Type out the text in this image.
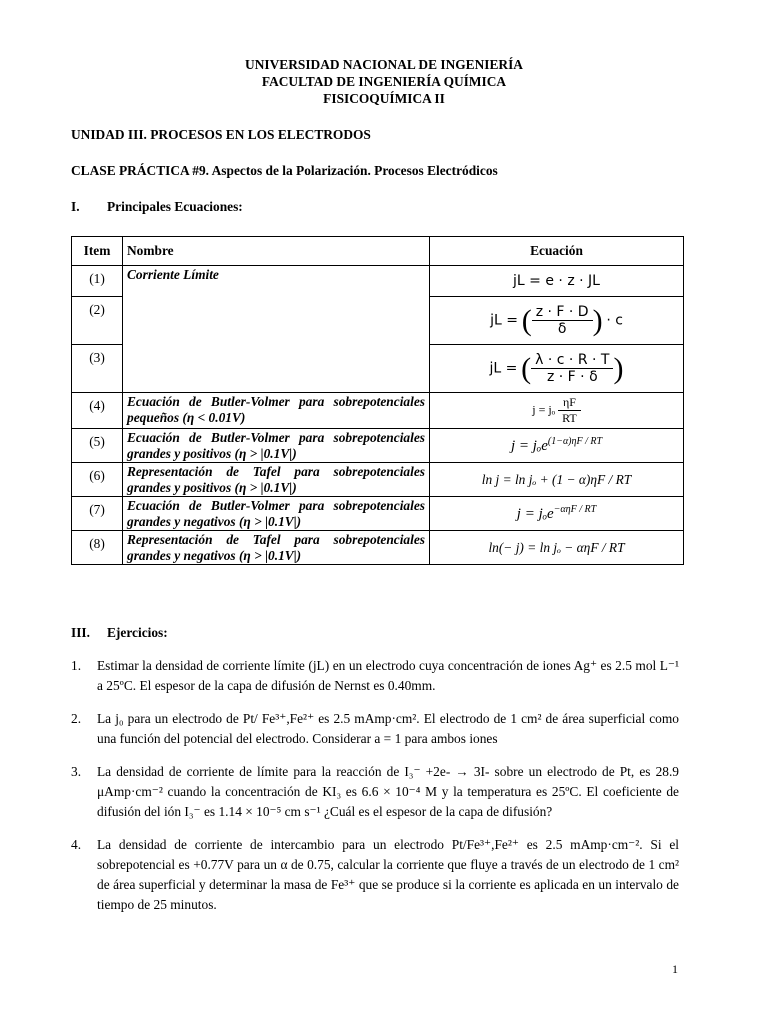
UNIVERSIDAD NACIONAL DE INGENIERÍA
FACULTAD DE INGENIERÍA QUÍMICA
FISICOQUÍMICA II
UNIDAD III. PROCESOS EN LOS ELECTRODOS
CLASE PRÁCTICA #9. Aspectos de la Polarización. Procesos Electródicos
I. Principales Ecuaciones:
Item	Nombre	Ecuación
(1)	Corriente Límite	jL = e · z · JL
(2)		jL = ( $\frac{z \cdot F \cdot D}{\delta}$ ) · c
(3)		jL = ( $\frac{\lambda \cdot c \cdot R \cdot T}{z \cdot F \cdot \delta}$ )
(4)	Ecuación de Butler-Volmer para sobrepotenciales pequeños (η < 0.01V)	j = jₒ $\frac{\eta F}{RT}$

(5)	Ecuación de Butler-Volmer para sobrepotenciales grandes y positivos (η > |0.1V|)	j = jₒe$^{(1-\alpha)\eta F / RT}$
(6)	Representación de Tafel para sobrepotenciales grandes y positivos (η > |0.1V|)	ln j = ln jₒ + (1 − α)ηF / RT
(7)	Ecuación de Butler-Volmer para sobrepotenciales grandes y negativos (η > |0.1V|)	j = jₒe$^{-\alpha\eta F / RT}$
(8)	Representación de Tafel para sobrepotenciales grandes y negativos (η > |0.1V|)	ln(− j) = ln jₒ − αηF / RT
III. Ejercicios:
1. Estimar la densidad de corriente límite (jL) en un electrodo cuya concentración de iones Ag⁺ es 2.5 mol L⁻¹ a 25ºC. El espesor de la capa de difusión de Nernst es 0.40mm.
2. La j₀ para un electrodo de Pt/ Fe³⁺,Fe²⁺ es 2.5 mAmp·cm². El electrodo de 1 cm² de área superficial como una función del potencial del electrodo. Considerar a = 1 para ambos iones
3. La densidad de corriente de límite para la reacción de I₃⁻ +2e- → 3I- sobre un electrodo de Pt, es 28.9 μAmp·cm⁻² cuando la concentración de KI₃ es 6.6 × 10⁻⁴ M y la temperatura es 25ºC. El coeficiente de difusión del ión I₃⁻ es 1.14 × 10⁻⁵ cm s⁻¹ ¿Cuál es el espesor de la capa de difusión?
4. La densidad de corriente de intercambio para un electrodo Pt/Fe³⁺,Fe²⁺ es 2.5 mAmp·cm⁻². Si el sobrepotencial es +0.77V para un α de 0.75, calcular la corriente que fluye a través de un electrodo de 1 cm² de área superficial y determinar la masa de Fe³⁺ que se produce si la corriente es aplicada en un intervalo de tiempo de 25 minutos.
1
